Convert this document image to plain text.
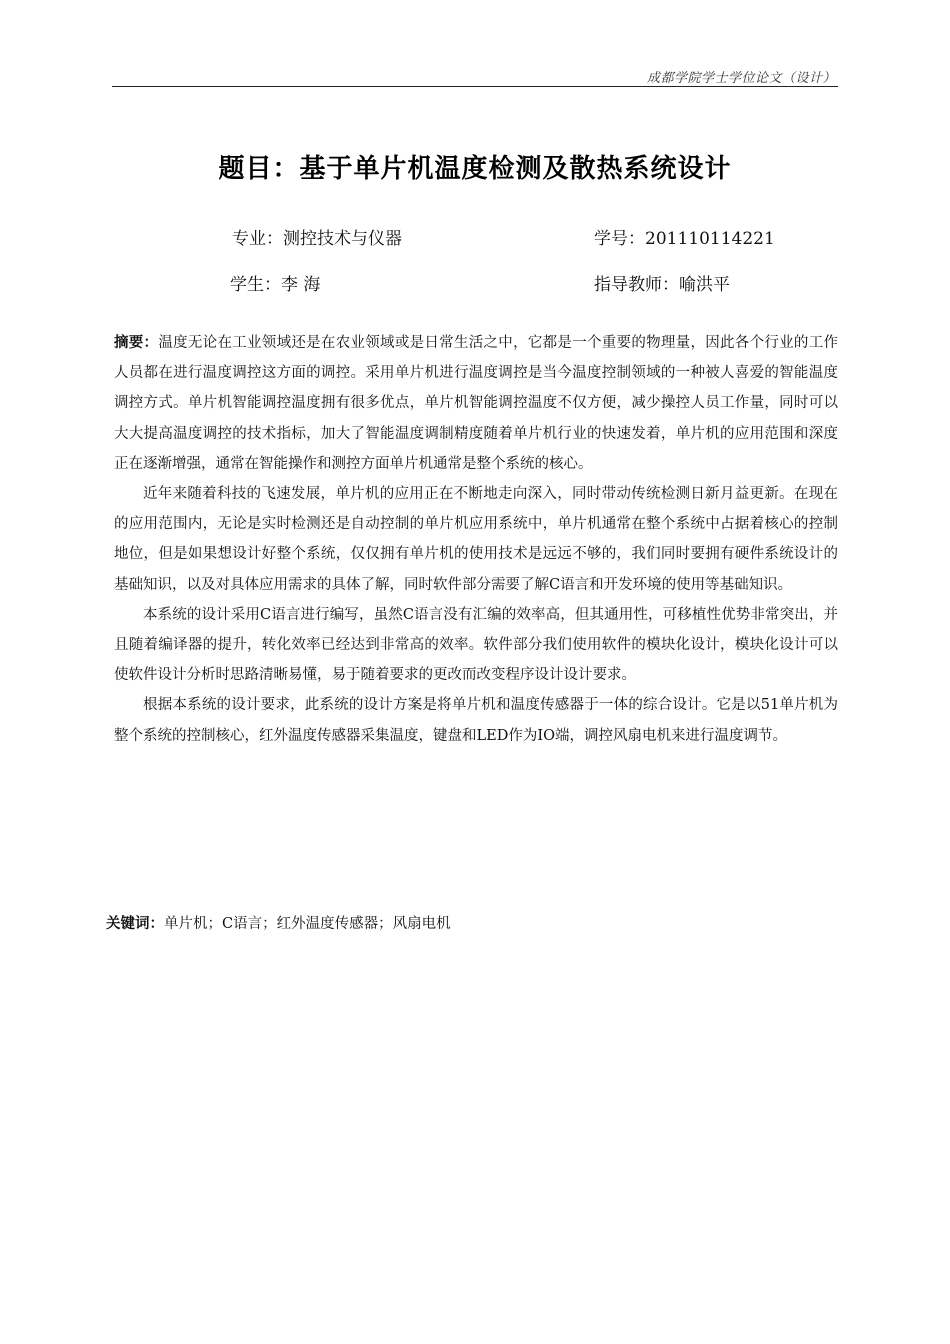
成都学院学士学位论文（设计）
题目：基于单片机温度检测及散热系统设计
专业：测控技术与仪器	学号：201110114221
学生：李 海	指导教师：喻洪平

摘要：温度无论在工业领域还是在农业领域或是日常生活之中，它都是一个重要的物理量，因此各个行业的工作人员都在进行温度调控这方面的调控。采用单片机进行温度调控是当今温度控制领域的一种被人喜爱的智能温度调控方式。单片机智能调控温度拥有很多优点，单片机智能调控温度不仅方便，减少操控人员工作量，同时可以大大提高温度调控的技术指标，加大了智能温度调制精度随着单片机行业的快速发着，单片机的应用范围和深度正在逐渐增强，通常在智能操作和测控方面单片机通常是整个系统的核心。

近年来随着科技的飞速发展，单片机的应用正在不断地走向深入，同时带动传统检测日新月益更新。在现在的应用范围内，无论是实时检测还是自动控制的单片机应用系统中，单片机通常在整个系统中占据着核心的控制地位，但是如果想设计好整个系统，仅仅拥有单片机的使用技术是远远不够的，我们同时要拥有硬件系统设计的基础知识，以及对具体应用需求的具体了解，同时软件部分需要了解C语言和开发环境的使用等基础知识。

本系统的设计采用C语言进行编写，虽然C语言没有汇编的效率高，但其通用性，可移植性优势非常突出，并且随着编译器的提升，转化效率已经达到非常高的效率。软件部分我们使用软件的模块化设计，模块化设计可以使软件设计分析时思路清晰易懂，易于随着要求的更改而改变程序设计设计要求。

根据本系统的设计要求，此系统的设计方案是将单片机和温度传感器于一体的综合设计。它是以51单片机为整个系统的控制核心，红外温度传感器采集温度，键盘和LED作为IO端，调控风扇电机来进行温度调节。

关键词：单片机；C语言；红外温度传感器；风扇电机
